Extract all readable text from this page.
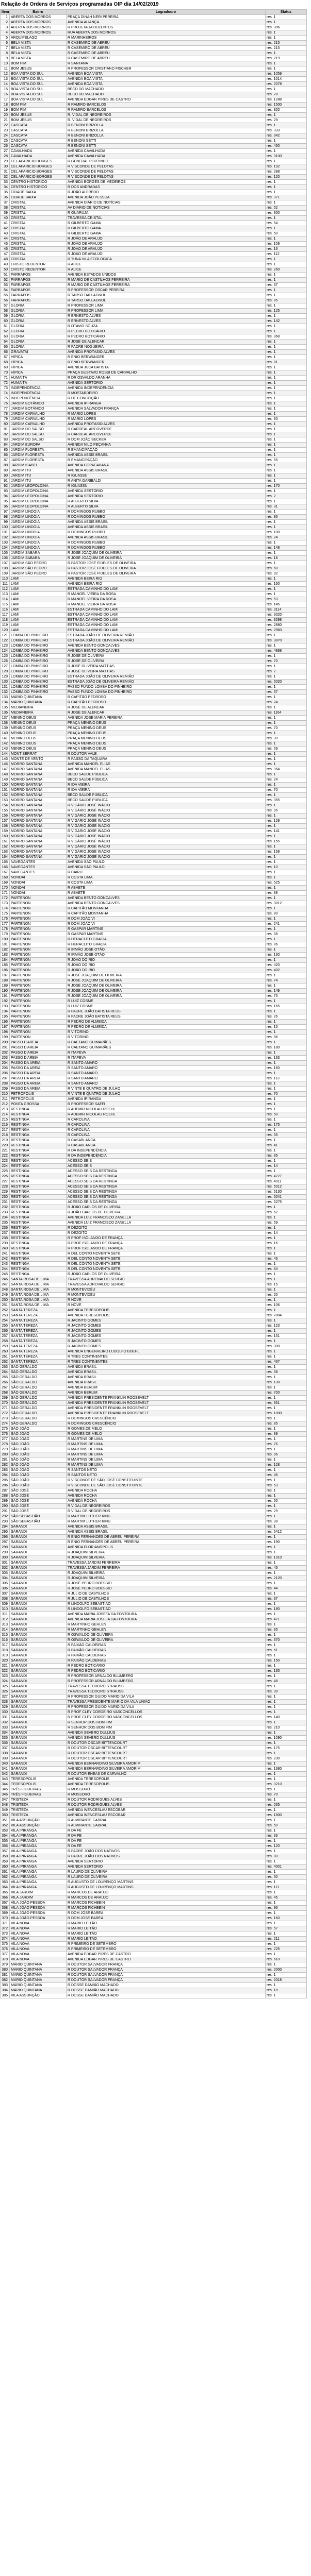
Relação de Ordens de Serviços programadas OIP dia 14/02/2019
Item	Bairro	Logradouro	Status
1	ABERTA DOS MORROS	PRAÇA DINAH NERI PEREIRA	res. 1
2	ABERTA DOS MORROS	AVENIDA ALIANÇA	res. 1
3	ABERTA DOS MORROS	R PROJETADA DUZENTOS	res. 306
4	ABERTA DOS MORROS	RUA ABERTA DOS MORROS	res. 1
5	ARQUIPÉLAGO	R MARINHEIROS	res. 1
6	BELA VISTA	R CASEMIRO DE ABREU	res. 215
7	BELA VISTA	R CASEMIRO DE ABREU	res. 215
8	BELA VISTA	R CASEMIRO DE ABREU	res. 1
9	BELA VISTA	R CASEMIRO DE ABREU	res. 219
10	BOM FIM	R SANTANA	res. 1
11	BOM JESUS	R PROFESSOR CRISTIANO FISCHER	res. 1
12	BOA VISTA DO SUL	AVENIDA BOA VISTA	res. 1059
13	BOA VISTA DO SUL	AVENIDA BOA VISTA	res. 1014
14	BOA VISTA DO SUL	AVENIDA BOA VISTA	res. 2078
15	BOA VISTA DO SUL	BECO DO MACHADO	res. 1
16	BOA VISTA DO SUL	BECO DO MACHADO	res. 28
17	BOA VISTA DO SUL	AVENIDA EDGAR PIRES DE CASTRO	res. 1288
18	BOM FIM	R RAMIRO BARCELOS	res. 1500
19	BOM FIM	R RAMIRO BARCELOS	res. 820
20	BOM JESUS	R. VIDAL DE NEGREIROS	res. 1
21	BOM JESUS	R. VIDAL DE NEGREIROS	res. 29
22	CASCATA	R BENONI BRIZOLLA	res. 1
23	CASCATA	R BENONI BRIZOLLA	res. 333
24	CASCATA	R BENONI BRIZOLLA	res. 342
25	CASCATA	R BENONI SETTI	res. 1
26	CASCATA	R BENONI SETTI	res. 450
27	CAVALHADA	AVENIDA CAVALHADA	res. 1
28	CAVALHADA	AVENIDA CAVALHADA	res. 3100
29	CEL APARICIO BORGES	R GENERAL PORTINHO	res. 1
30	CEL APARICIO BORGES	R VISCONDE DE PELOTAS	res. 192
31	CEL APARICIO BORGES	R VISCONDE DE PELOTAS	res. 288
32	CEL APARICIO BORGES	R VISCONDE DE PELOTAS	res. 120
33	CENTRO HISTÓRICO	AVENIDA BORGES DE MEDEIROS	res. 1
34	CENTRO HISTÓRICO	R DOS ANDRADAS	res. 1
35	CIDADE BAIXA	R JOÃO ALFREDO	res. 1
36	CIDADE BAIXA	AVENIDA JOÃO PESSOA	res. 371
37	CRISTAL	AVENIDA DIÁRIO DE NOTÍCIAS	res. 1
38	CRISTAL	AV DIÁRIO DE NOTÍCIAS	res. 52
39	CRISTAL	R GUARUJÁ	res. 300
40	CRISTAL	TRAVESSA CRISTAL	res. 1
41	CRISTAL	R GILBERTO GAMA	res. 54
42	CRISTAL	R GILBERTO GAMA	res. 1
43	CRISTAL	R GILBERTO GAMA	res. 50
44	CRISTAL	R JOÃO DE ARAUJO	res. 1
45	CRISTAL	R JOÃO DE ARAUJO	res. 108
46	CRISTAL	R JOÃO DE ARAUJO	res. 16
47	CRISTAL	R JOÃO DE ARAUJO	res. 112
48	CRISTAL	R TUNA VILA ECOLÓGICA	res. 1
49	CRISTO REDENTOR	R ALICE	res. 1
50	CRISTO REDENTOR	R ALICE	res. 260
51	FARRAPOS	AVENIDA ESTADOS UNIDOS	res. 1
52	FARRAPOS	R MARIO DE CASTILHOS FERREIRA	res. 1
53	FARRAPOS	R MARIO DE CASTILHOS FERREIRA	res. 67
54	FARRAPOS	R PROFESSOR OSCAR PEREIRA	res. 1
55	FARRAPOS	R TARSO DALLAGNOL	res. 1
56	FARRAPOS	R TARSO DALLAGNOL	res. 85
57	GLÓRIA	R PROFESSOR LIMA	res. 1
58	GLÓRIA	R PROFESSOR LIMA	res. 125
59	GLÓRIA	R ERNESTO ALVES	res. 1
60	GLÓRIA	R ERNESTO ALVES	res. 142
61	GLÓRIA	R OTAVIO SOUZA	res. 1
62	GLÓRIA	R PEDRO BOTICÁRIO	res. 1
63	GLÓRIA	R PEDRO BOTICÁRIO	res. 368
64	GLÓRIA	R JOSÉ DE ALENCAR	res. 1
65	GLÓRIA	R PADRE NOGUEIRA	res. 1
66	GRAVATAÍ	AVENIDA PROTÁSIO ALVES	res. 1
67	HÍPICA	R ENIO BERWANGER	res. 1
68	HÍPICA	R ENIO BERWANGER	res. 81
69	HÍPICA	AVENIDA JUCA BATISTA	res. 1
70	HÍPICA	PRAÇA GUSTAVO ROSSI DE CARVALHO	res. 1
71	HUMAITÁ	R DR OSVALDO ARANHA	res. 1
72	HUMAITÁ	AVENIDA SERTÓRIO	res. 1
73	INDEPENDÊNCIA	AVENIDA INDEPENDÊNCIA	res. 1
74	INDEPENDÊNCIA	R MOSTARDEIRO	res. 1
75	INDEPENDÊNCIA	R DE CONCEIÇÃO	res. 1
76	JARDIM BOTÂNICO	AVENIDA IPIRANGA	res. 1
77	JARDIM BOTÂNICO	AVENIDA SALVADOR FRANÇA	res. 1
78	JARDIM CARVALHO	R MARIO LOPES	res. 1
79	JARDIM CARVALHO	R MARIO LOPES	res. 30
80	JARDIM CARVALHO	AVENIDA PROTÁSIO ALVES	res. 1
81	JARDIM DO SALSO	R CARDEAL ARCOVERDE	res. 1
82	JARDIM DO SALSO	R CARDEAL ARCOVERDE	res. 1
83	JARDIM DO SALSO	R DOM JOÃO BECKER	res. 1
84	JARDIM EUROPA	AVENIDA NILO PEÇANHA	res. 1
85	JARDIM FLORESTA	R EMANCIPAÇÃO	res. 1
86	JARDIM FLORESTA	AVENIDA ASSIS BRASIL	res. 1
87	JARDIM FLORESTA	R EMANCIPAÇÃO	res. 55
88	JARDIM ISABEL	AVENIDA COPACABANA	res. 1
89	JARDIM ITU	AVENIDA ASSIS BRASIL	res. 1
90	JARDIM ITU	R IGUASSU	res. 1
91	JARDIM ITU	R ANITA GARIBALDI	res. 1
92	JARDIM LEOPOLDINA	R IGUASSU	res. 170
93	JARDIM LEOPOLDINA	AVENIDA SERTÓRIO	res. 1
94	JARDIM LEOPOLDINA	AVENIDA SERTÓRIO	res. 2
95	JARDIM LEOPOLDINA	R ALBERTO SILVA	res. 1
96	JARDIM LEOPOLDINA	R ALBERTO SILVA	res. 31
97	JARDIM LINDÓIA	R DOMINGOS RUBBO	res. 1
98	JARDIM LINDÓIA	R DOMINGOS RUBBO	res. 86
99	JARDIM LINDÓIA	AVENIDA ASSIS BRASIL	res. 1
100	JARDIM LINDÓIA	AVENIDA ASSIS BRASIL	res. 1
101	JARDIM LINDÓIA	R DOMINGOS RUBBO	res. 100
102	JARDIM LINDÓIA	AVENIDA ASSIS BRASIL	res. 24
103	JARDIM LINDÓIA	R DOMINGOS RUBBO	res. 1
104	JARDIM LINDÓIA	R DOMINGOS RUBBO	res. 148
105	JARDIM SABARÁ	R JOSÉ JOAQUIM DE OLIVEIRA	res. 1
106	JARDIM SABARÁ	R JOSÉ JOAQUIM DE OLIVEIRA	res. 18
107	JARDIM SÃO PEDRO	R PASTOR JOSÉ FIDELES DE OLIVEIRA	res. 1
108	JARDIM SÃO PEDRO	R PASTOR JOSÉ FIDELES DE OLIVEIRA	res. 60
109	JARDIM SÃO PEDRO	R PASTOR JOSÉ FIDELES DE OLIVEIRA	res. 92
110	LAMI	AVENIDA BEIRA RIO	res. 1
111	LAMI	AVENIDA BEIRA RIO	res. 160
112	LAMI	ESTRADA CAMINHO DO LAMI	res. 1
113	LAMI	R MANOEL VIEIRA DA ROSA	res. 1
114	LAMI	R MANOEL VIEIRA DA ROSA	res. 53
115	LAMI	R MANOEL VIEIRA DA ROSA	res. 145
116	LAMI	ESTRADA CAMINHO DO LAMI	res. 3114
117	LAMI	ESTRADA CAMINHO DO LAMI	res. 3020
118	LAMI	ESTRADA CAMINHO DO LAMI	res. 3298
119	LAMI	ESTRADA CAMINHO DO LAMI	res. 2880
120	LAMI	ESTRADA CAMINHO DO LAMI	res. 2960
121	LOMBA DO PINHEIRO	ESTRADA JOÃO DE OLIVEIRA REMIÃO	res. 1
122	LOMBA DO PINHEIRO	ESTRADA JOÃO DE OLIVEIRA REMIÃO	res. 3870
123	LOMBA DO PINHEIRO	AVENIDA BENTO GONÇALVES	res. 1
124	LOMBA DO PINHEIRO	AVENIDA BENTO GONÇALVES	res. 4888
125	LOMBA DO PINHEIRO	R JOSÉ DE OLIVEIRA	res. 1
126	LOMBA DO PINHEIRO	R JOSÉ DE OLIVEIRA	res. 70
127	LOMBA DO PINHEIRO	R JOSÉ OLIVEIRA MATTIAS	res. 1
128	LOMBA DO PINHEIRO	R JOSÉ OLIVEIRA MATTIAS	res. 2
129	LOMBA DO PINHEIRO	ESTRADA JOÃO DE OLIVEIRA REMIÃO	res. 1
130	LOMBA DO PINHEIRO	ESTRADA JOÃO DE OLIVEIRA REMIÃO	res. 6020
131	LOMBA DO PINHEIRO	PASSO FUNDO LOMBA DO PINHEIRO	res. 1
132	LOMBA DO PINHEIRO	PASSO FUNDO LOMBA DO PINHEIRO	res. 57
133	MÁRIO QUINTANA	R CAPITÃO PEDROSO	res. 1
134	MÁRIO QUINTANA	R CAPITÃO PEDROSO	res. 24
135	MEDIANEIRA	R JOSÉ DE ALENCAR	res. 1
136	MEDIANEIRA	R JOSÉ DE ALENCAR	res. 1164
137	MENINO DEUS	AVENIDA JOSÉ MARIA PEREIRA	res. 1
138	MENINO DEUS	PRAÇA MENINO DEUS	res. 1
139	MENINO DEUS	PRAÇA MENINO DEUS	res. 70
140	MENINO DEUS	PRAÇA MENINO DEUS	res. 1
141	MENINO DEUS	PRAÇA MENINO DEUS	res. 30
142	MENINO DEUS	PRAÇA MENINO DEUS	res. 1
143	MENINO DEUS	PRAÇA MENINO DEUS	res. 69
144	MONT SERRAT	R DOUTOR VALE	res. 1
145	MONTE DE VENTO	R PASSO DA TAQUARA	res. 1
146	MORRO SANTANA	AVENIDA MANOEL ELIAS	res. 1
147	MORRO SANTANA	AVENIDA MANOEL ELIAS	res. 354
148	MORRO SANTANA	BECO SAÚDE PÚBLICA	res. 1
149	MORRO SANTANA	BECO SAÚDE PÚBLICA	res. 24
150	MORRO SANTANA	R IDA VIEIRA	res. 1
151	MORRO SANTANA	R IDA VIEIRA	res. 70
152	MORRO SANTANA	BECO SAÚDE PÚBLICA	res. 1
153	MORRO SANTANA	BECO SAÚDE PÚBLICA	res. 355
154	MORRO SANTANA	R VIGÁRIO JOSÉ INÁCIO	res. 1
155	MORRO SANTANA	R VIGÁRIO JOSÉ INÁCIO	res. 95
156	MORRO SANTANA	R VIGÁRIO JOSÉ INÁCIO	res. 1
157	MORRO SANTANA	R VIGÁRIO JOSÉ INÁCIO	res. 129
158	MORRO SANTANA	R VIGÁRIO JOSÉ INÁCIO	res. 1
159	MORRO SANTANA	R VIGÁRIO JOSÉ INÁCIO	res. 141
160	MORRO SANTANA	R VIGÁRIO JOSÉ INÁCIO	res. 1
161	MORRO SANTANA	R VIGÁRIO JOSÉ INÁCIO	res. 155
162	MORRO SANTANA	R VIGÁRIO JOSÉ INÁCIO	res. 1
163	MORRO SANTANA	R VIGÁRIO JOSÉ INÁCIO	res. 169
164	MORRO SANTANA	R VIGÁRIO JOSÉ INÁCIO	res. 1
165	NAVEGANTES	AVENIDA SÃO PAULO	res. 1
166	NAVEGANTES	AVENIDA SÃO PAULO	res. 10
167	NAVEGANTES	R CAIRU	res. 1
168	NONOAI	R COSTA LIMA	res. 1
169	NONOAI	R COSTA LIMA	res. 525
170	NONOAI	R ABAETÉ	res. 1
171	NONOAI	R ABAETÉ	res. 88
172	PARTENON	AVENIDA BENTO GONÇALVES	res. 1
173	PARTENON	AVENIDA BENTO GONÇALVES	res. 3012
174	PARTENON	R CAPITÃO MONTANHA	res. 1
175	PARTENON	R CAPITÃO MONTANHA	res. 80
176	PARTENON	R DOM JOÃO VI	res. 1
177	PARTENON	R DOM JOÃO VI	res. 241
178	PARTENON	R GASPAR MARTINS	res. 1
179	PARTENON	R GASPAR MARTINS	res. 38
180	PARTENON	R HERACLITO GRACIA	res. 1
181	PARTENON	R HERACLITO GRACIA	res. 86
182	PARTENON	R IRMÃO JOSÉ OTÃO	res. 1
183	PARTENON	R IRMÃO JOSÉ OTÃO	res. 130
184	PARTENON	R JOÃO DO RIO	res. 1
185	PARTENON	R JOÃO DO RIO	res. 420
186	PARTENON	R JOÃO DO RIO	res. 402
187	PARTENON	R JOSÉ JOAQUIM DE OLIVEIRA	res. 1
188	PARTENON	R JOSÉ JOAQUIM DE OLIVEIRA	res. 74
189	PARTENON	R JOSÉ JOAQUIM DE OLIVEIRA	res. 1
190	PARTENON	R JOSÉ JOAQUIM DE OLIVEIRA	res. 149
191	PARTENON	R JOSÉ JOAQUIM DE OLIVEIRA	res. 75
192	PARTENON	R LUIZ COSME	res. 1
193	PARTENON	R LUIZ COSME	res. 165
194	PARTENON	R PADRE JOÃO BATISTA REUS	res. 1
195	PARTENON	R PADRE JOÃO BATISTA REUS	res. 26
196	PARTENON	R PEDRO DE ALMEIDA	res. 1
197	PARTENON	R PEDRO DE ALMEIDA	res. 15
198	PARTENON	R VITORINO	res. 1
199	PARTENON	R VITORINO	res. 86
200	PASSO D'AREIA	R CAETANO GUIMARÃES	res. 1
201	PASSO D'AREIA	R CAETANO GUIMARÃES	res. 180
202	PASSO D'AREIA	R ITAPEVA	res. 1
203	PASSO D'AREIA	R ITAPEVA	res. 133
204	PASSO DA AREIA	R SANTO AMARO	res. 1
205	PASSO DA AREIA	R SANTO AMARO	res. 160
206	PASSO DA AREIA	R SANTO AMARO	res. 1
207	PASSO DA AREIA	R SANTO AMARO	res. 113
208	PASSO DA AREIA	R SANTO AMARO	res. 1
209	PASSO DA AREIA	R VINTE E QUATRO DE JULHO	res. 1
210	PETRÓPOLIS	R VINTE E QUATRO DE JULHO	res. 70
211	PETRÓPOLIS	AVENIDA IPIRANGA	res. 1
212	PONTA GROSSA	R PROFESSOR SAFFI	res. 1
213	RESTINGA	R ADEMIR NICOLAU ROEHL	res. 1
214	RESTINGA	R ADEMIR NICOLAU ROEHL	res. 50
215	RESTINGA	R CAROLINA	res. 1
216	RESTINGA	R CAROLINA	res. 175
217	RESTINGA	R CAROLINA	res. 1
218	RESTINGA	R CAROLINA	res. 35
219	RESTINGA	R CASABLANCA	res. 1
220	RESTINGA	R CASABLANCA	res. 41
221	RESTINGA	R DA INDEPENDÊNCIA	res. 1
222	RESTINGA	R DA INDEPENDÊNCIA	res. 85
223	RESTINGA	ACESSO SEIS	res. 1
224	RESTINGA	ACESSO SEIS	res. 14
225	RESTINGA	ACESSO SEIS DA RESTINGA	res. 1
226	RESTINGA	ACESSO SEIS DA RESTINGA	res. 4727
227	RESTINGA	ACESSO SEIS DA RESTINGA	res. 4911
228	RESTINGA	ACESSO SEIS DA RESTINGA	res. 5012
229	RESTINGA	ACESSO SEIS DA RESTINGA	res. 5130
230	RESTINGA	ACESSO SEIS DA RESTINGA	res. 5041
231	RESTINGA	ACESSO SEIS DA RESTINGA	res. 5275
232	RESTINGA	R JOÃO CARLOS DE OLIVEIRA	res. 1
233	RESTINGA	R JOÃO CARLOS DE OLIVEIRA	res. 62
234	RESTINGA	AVENIDA LUIZ FRANCISCO ZANELLA	res. 1
235	RESTINGA	AVENIDA LUIZ FRANCISCO ZANELLA	res. 59
236	RESTINGA	R DEZOITO	res. 1
237	RESTINGA	R DEZOITO	res. 14
238	RESTINGA	R PROF ISOLANDO DE FRANÇA	res. 1
239	RESTINGA	R PROF ISOLANDO DE FRANÇA	res. 16
240	RESTINGA	R PROF ISOLANDO DE FRANÇA	res. 1
241	RESTINGA	R DEL CONTO NOVENTA SETE	res. 1
242	RESTINGA	R DEL CONTO NOVENTA SETE	res. 46
243	RESTINGA	R DEL CONTO NOVENTA SETE	res. 1
244	RESTINGA	R DEL CONTO NOVENTA SETE	res. 64
245	RESTINGA	R JOÃO CARLOS DE OLIVEIRA	res. 1
246	SANTA ROSA DE LIMA	TRAVESSA ADROVALDO SERGIO	res. 1
247	SANTA ROSA DE LIMA	TRAVESSA ADROVALDO SERGIO	res. 15
248	SANTA ROSA DE LIMA	R MONTEVIDÉU	res. 1
249	SANTA ROSA DE LIMA	R MONTEVIDÉU	res. 20
250	SANTA ROSA DE LIMA	R NOVE	res. 1
251	SANTA ROSA DE LIMA	R NOVE	res. 106
252	SANTA TEREZA	AVENIDA TERESÓPOLIS	res. 1
253	SANTA TEREZA	AVENIDA TERESÓPOLIS	res. 2804
254	SANTA TEREZA	R JACINTO GOMES	res. 1
255	SANTA TEREZA	R JACINTO GOMES	res. 123
256	SANTA TEREZA	R JACINTO GOMES	res. 1
257	SANTA TEREZA	R JACINTO GOMES	res. 151
258	SANTA TEREZA	R JACINTO GOMES	res. 1
259	SANTA TEREZA	R JACINTO GOMES	res. 300
260	SANTA TEREZA	AVENIDA ENGENHEIRO LUDOLFO BOEHL	res. 1
261	SANTA TEREZA	R TRES CONTINENTES	res. 1
262	SANTA TEREZA	R TRES CONTINENTES	res. 467
263	SÃO GERALDO	AVENIDA BRASIL	res. 1
264	SÃO GERALDO	AVENIDA BRASIL	res. 38
265	SÃO GERALDO	AVENIDA BRASIL	res. 1
266	SÃO GERALDO	AVENIDA BRASIL	res. 130
267	SÃO GERALDO	AVENIDA BERLIM	res. 1
268	SÃO GERALDO	AVENIDA BERLIM	res. 700
269	SÃO GERALDO	AVENIDA PRESIDENTE FRANKLIN ROOSEVELT	res. 1
270	SÃO GERALDO	AVENIDA PRESIDENTE FRANKLIN ROOSEVELT	res. 951
271	SÃO GERALDO	AVENIDA PRESIDENTE FRANKLIN ROOSEVELT	res. 1
272	SÃO GERALDO	AVENIDA PRESIDENTE FRANKLIN ROOSEVELT	res. 1000
273	SÃO GERALDO	R DOMINGOS CRESCÊNCIO	res. 1
274	SÃO GERALDO	R DOMINGOS CRESCÊNCIO	res. 85
275	SÃO JOÃO	R GOMES DE MELO	res. 1
276	SÃO JOÃO	R GOMES DE MELO	res. 89
277	SÃO JOÃO	R MARTINS DE LIMA	res. 1
278	SÃO JOÃO	R MARTINS DE LIMA	res. 76
279	SÃO JOÃO	R MARTINS DE LIMA	res. 1
280	SÃO JOÃO	R MARTINS DE LIMA	res. 96
281	SÃO JOÃO	R MARTINS DE LIMA	res. 1
282	SÃO JOÃO	R MARTINS DE LIMA	res. 128
283	SÃO JOÃO	R SANTOS NETO	res. 1
284	SÃO JOÃO	R SANTOS NETO	res. 46
285	SÃO JOÃO	R VISCONDE DE SÃO JOSÉ CONSTITUINTE	res. 1
286	SÃO JOÃO	R VISCONDE DE SÃO JOSÉ CONSTITUINTE	res. 53
287	SÃO JOSÉ	AVENIDA ROCHA	res. 1
288	SÃO JOSÉ	AVENIDA ROCHA	res. 1
289	SÃO JOSÉ	AVENIDA ROCHA	res. 50
290	SÃO JOSÉ	R VIDAL DE NEGREIROS	res. 1
291	SÃO JOSÉ	R VIDAL DE NEGREIROS	res. 29
292	SÃO SEBASTIÃO	R MARTIM LUTHER KING	res. 1
293	SÃO SEBASTIÃO	R MARTIM LUTHER KING	res. 38
294	SARANDI	AVENIDA ASSIS BRASIL	res. 1
295	SARANDI	AVENIDA ASSIS BRASIL	res. 5412
296	SARANDI	R ENIO FERNANDES DE ABREU PEREIRA	res. 1
297	SARANDI	R ENIO FERNANDES DE ABREU PEREIRA	res. 190
298	SARANDI	AVENIDA FLORIANÓPOLIS	res. 1
299	SARANDI	R JOAQUIM SILVEIRA	res. 1
300	SARANDI	R JOAQUIM SILVEIRA	res. 1310
301	SARANDI	TRAVESSA JARDIM FERREIRA	res. 1
302	SARANDI	TRAVESSA JARDIM FERREIRA	res. 45
303	SARANDI	R JOAQUIM SILVEIRA	res. 1
304	SARANDI	R JOAQUIM SILVEIRA	res. 2120
305	SARANDI	R JOSÉ PEDRO BOESSIO	res. 1
306	SARANDI	R JOSÉ PEDRO BOESSIO	res. 44
307	SARANDI	R JULIO DE CASTILHOS	res. 1
308	SARANDI	R JULIO DE CASTILHOS	res. 37
309	SARANDI	R LINDOLFO SEBASTIÃO	res. 1
310	SARANDI	R LINDOLFO SEBASTIÃO	res. 180
311	SARANDI	AVENIDA MARIA JOSEFA DA FONTOURA	res. 1
312	SARANDI	AVENIDA MARIA JOSEFA DA FONTOURA	res. 471
313	SARANDI	R MARTINHO GEHLEN	res. 1
314	SARANDI	R MARTINHO GEHLEN	res. 85
315	SARANDI	R OSWALDO DE OLIVEIRA	res. 1
316	SARANDI	R OSWALDO DE OLIVEIRA	res. 370
317	SARANDI	R PAIXÃO CALDEIRAS	res. 1
318	SARANDI	R PAIXÃO CALDEIRAS	res. 61
319	SARANDI	R PAIXÃO CALDEIRAS	res. 1
320	SARANDI	R PAIXÃO CALDEIRAS	res. 150
321	SARANDI	R PEDRO BOTICÁRIO	res. 1
322	SARANDI	R PEDRO BOTICÁRIO	res. 135
323	SARANDI	R PROFESSOR ARNALDO BLUMBERG	res. 1
324	SARANDI	R PROFESSOR ARNALDO BLUMBERG	res. 48
325	SARANDI	TRAVESSA TEODORO STRAUSS	res. 1
326	SARANDI	TRAVESSA TEODORO STRAUSS	res. 30
327	SARANDI	R PROFESSOR GUIDO MARIO DA VILA	res. 1
328	SARANDI	TRAVESSA PRESIDENTE MARIO DA VILA UNIÃO	res. 1
329	SARANDI	R PROFESSOR GUIDO MARIO DA VILA	res. 1
330	SARANDI	R PROF CLEY CORDEIRO VASCONCELLOS	res. 1
331	SARANDI	R PROF CLEY CORDEIRO VASCONCELLOS	res. 140
332	SARANDI	R SENHOR DOS BOM FIM	res. 1
333	SARANDI	R SENHOR DOS BOM FIM	res. 210
334	SARANDI	AVENIDA SEVERO DULLIUS	res. 1
335	SARANDI	AVENIDA SEVERO DULLIUS	res. 1090
336	SARANDI	R DOUTOR OSCAR BITTENCOURT	res. 1
337	SARANDI	R DOUTOR OSCAR BITTENCOURT	res. 175
338	SARANDI	R DOUTOR OSCAR BITTENCOURT	res. 1
339	SARANDI	R DOUTOR OSCAR BITTENCOURT	res. 230
340	SARANDI	AVENIDA BERNARDINO SILVEIRA AMORIM	res. 1
341	SARANDI	AVENIDA BERNARDINO SILVEIRA AMORIM	res. 1380
342	SARANDI	R DOUTOR ENEAS DE CARVALHO	res. 1
343	TERESÓPOLIS	AVENIDA TERESÓPOLIS	res. 1
344	TERESÓPOLIS	AVENIDA TERESÓPOLIS	res. 3210
345	TRÊS FIGUEIRAS	R MOSSORÓ	res. 1
346	TRÊS FIGUEIRAS	R MOSSORÓ	res. 70
347	TRISTEZA	R DOUTOR RODRIGUES ALVES	res. 1
348	TRISTEZA	R DOUTOR RODRIGUES ALVES	res. 265
349	TRISTEZA	AVENIDA WENCESLAU ESCOBAR	res. 1
350	TRISTEZA	AVENIDA WENCESLAU ESCOBAR	res. 1800
351	VILA ASSUNÇÃO	R ALMIRANTE CABRAL	res. 1
352	VILA ASSUNÇÃO	R ALMIRANTE CABRAL	res. 50
353	VILA IPIRANGA	R DA FÉ	res. 1
354	VILA IPIRANGA	R DA FÉ	res. 33
355	VILA IPIRANGA	R DA FÉ	res. 1
356	VILA IPIRANGA	R DA FÉ	res. 120
357	VILA IPIRANGA	R PADRE JOÃO DOS NATIVOS	res. 1
358	VILA IPIRANGA	R PADRE JOÃO DOS NATIVOS	res. 80
359	VILA IPIRANGA	AVENIDA SERTÓRIO	res. 1
360	VILA IPIRANGA	AVENIDA SERTÓRIO	res. 4001
361	VILA IPIRANGA	R LAURO DE OLIVEIRA	res. 1
362	VILA IPIRANGA	R LAURO DE OLIVEIRA	res. 50
363	VILA IPIRANGA	R AUGUSTO DE LOURENÇO MARTINS	res. 1
364	VILA IPIRANGA	R AUGUSTO DE LOURENÇO MARTINS	res. 111
365	VILA JARDIM	R MARCOS DE ARAÚJO	res. 1
366	VILA JARDIM	R MARCOS DE ARAÚJO	res. 45
367	VILA JOÃO PESSOA	R MARCOS FICHBEIN	res. 1
368	VILA JOÃO PESSOA	R MARCOS FICHBEIN	res. 96
369	VILA JOÃO PESSOA	R DOM JOSÉ BARÉA	res. 1
370	VILA JOÃO PESSOA	R DOM JOSÉ BARÉA	res. 160
371	VILA NOVA	R MARIO LEITÃO	res. 1
372	VILA NOVA	R MARIO LEITÃO	res. 57
373	VILA NOVA	R MARIO LEITÃO	res. 1
374	VILA NOVA	R MARIO LEITÃO	res. 211
375	VILA NOVA	R PRIMEIRO DE SETEMBRO	res. 1
376	VILA NOVA	R PRIMEIRO DE SETEMBRO	res. 225
377	VILA NOVA	AVENIDA EDGAR PIRES DE CASTRO	res. 1
378	VILA NOVA	AVENIDA EDGAR PIRES DE CASTRO	res. 610
379	MÁRIO QUINTANA	R DOUTOR SALVADOR FRANÇA	res. 1
380	MÁRIO QUINTANA	R DOUTOR SALVADOR FRANÇA	res. 2000
381	MÁRIO QUINTANA	R DOUTOR SALVADOR FRANÇA	res. 1
382	MÁRIO QUINTANA	R DOUTOR SALVADOR FRANÇA	res. 2018
383	MÁRIO QUINTANA	R DOSSE DAMIÃO MACHADO	res. 1
384	MÁRIO QUINTANA	R DOSSE DAMIÃO MACHADO	res. 18
385	VILA ASSUNÇÃO	R DOSSE DAMIÃO MACHADO	res. 1
